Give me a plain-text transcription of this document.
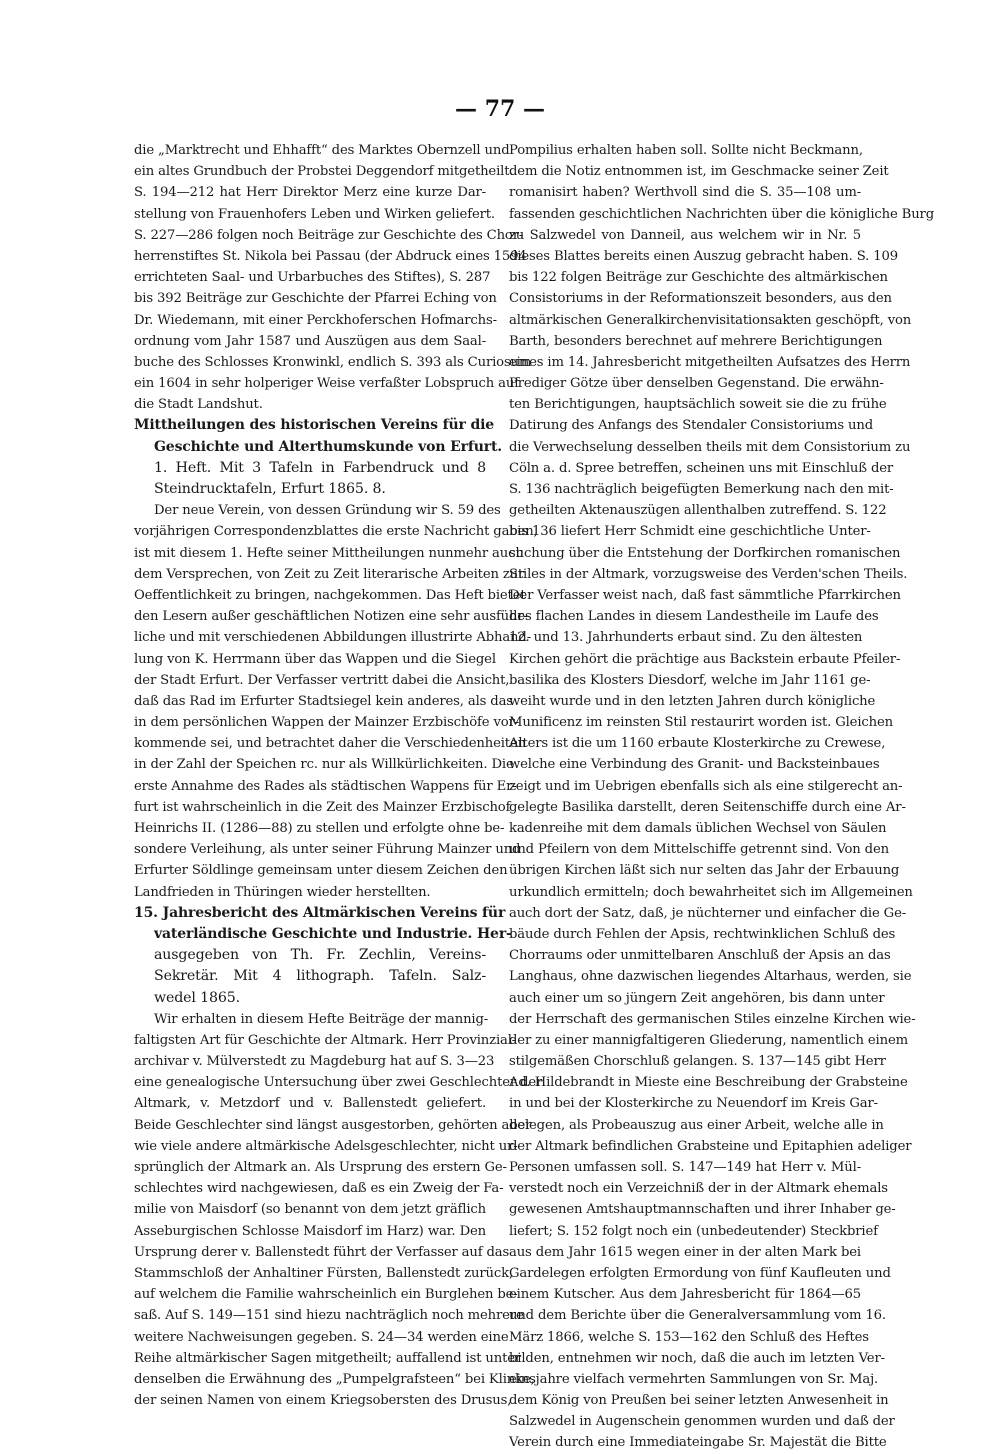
— 77 —
die „Marktrecht und Ehhafft“ des Marktes Obernzell und
ein altes Grundbuch der Probstei Deggendorf mitgetheilt.
S. 194—212 hat Herr Direktor Merz eine kurze Dar-
stellung von Frauenhofers Leben und Wirken geliefert.
S. 227—286 folgen noch Beiträge zur Geschichte des Chor-
herrenstiftes St. Nikola bei Passau (der Abdruck eines 1594
errichteten Saal- und Urbarbuches des Stiftes), S. 287
bis 392 Beiträge zur Geschichte der Pfarrei Eching von
Dr. Wiedemann, mit einer Perckhoferschen Hofmarchs-
ordnung vom Jahr 1587 und Auszügen aus dem Saal-
buche des Schlosses Kronwinkl, endlich S. 393 als Curiosum
ein 1604 in sehr holperiger Weise verfaßter Lobspruch auf
die Stadt Landshut.
Mittheilungen des historischen Vereins für die
Geschichte und Alterthumskunde von Erfurt.
1. Heft. Mit 3 Tafeln in Farbendruck und 8
Steindrucktafeln, Erfurt 1865. 8.
Der neue Verein, von dessen Gründung wir S. 59 des
vorjährigen Correspondenzblattes die erste Nachricht gaben,
ist mit diesem 1. Hefte seiner Mittheilungen nunmehr auch
dem Versprechen, von Zeit zu Zeit literarische Arbeiten zur
Oeffentlichkeit zu bringen, nachgekommen. Das Heft bietet
den Lesern außer geschäftlichen Notizen eine sehr ausführ-
liche und mit verschiedenen Abbildungen illustrirte Abhand-
lung von K. Herrmann über das Wappen und die Siegel
der Stadt Erfurt. Der Verfasser vertritt dabei die Ansicht,
daß das Rad im Erfurter Stadtsiegel kein anderes, als das
in dem persönlichen Wappen der Mainzer Erzbischöfe vor-
kommende sei, und betrachtet daher die Verschiedenheiten
in der Zahl der Speichen rc. nur als Willkürlichkeiten. Die
erste Annahme des Rades als städtischen Wappens für Er-
furt ist wahrscheinlich in die Zeit des Mainzer Erzbischof
Heinrichs II. (1286—88) zu stellen und erfolgte ohne be-
sondere Verleihung, als unter seiner Führung Mainzer und
Erfurter Söldlinge gemeinsam unter diesem Zeichen den
Landfrieden in Thüringen wieder herstellten.
15. Jahresbericht des Altmärkischen Vereins für
vaterländische Geschichte und Industrie. Her-
ausgegeben von Th. Fr. Zechlin, Vereins-
Sekretär. Mit 4 lithograph. Tafeln. Salz-
wedel 1865.
Wir erhalten in diesem Hefte Beiträge der mannig-
faltigsten Art für Geschichte der Altmark. Herr Provinzial-
archivar v. Mülverstedt zu Magdeburg hat auf S. 3—23
eine genealogische Untersuchung über zwei Geschlechter der
Altmark, v. Metzdorf und v. Ballenstedt geliefert.
Beide Geschlechter sind längst ausgestorben, gehörten aber
wie viele andere altmärkische Adelsgeschlechter, nicht ur-
sprünglich der Altmark an. Als Ursprung des erstern Ge-
schlechtes wird nachgewiesen, daß es ein Zweig der Fa-
milie von Maisdorf (so benannt von dem jetzt gräflich
Asseburgischen Schlosse Maisdorf im Harz) war. Den
Ursprung derer v. Ballenstedt führt der Verfasser auf das
Stammschloß der Anhaltiner Fürsten, Ballenstedt zurück,
auf welchem die Familie wahrscheinlich ein Burglehen be-
saß. Auf S. 149—151 sind hiezu nachträglich noch mehrere
weitere Nachweisungen gegeben. S. 24—34 werden eine
Reihe altmärkischer Sagen mitgetheilt; auffallend ist unter
denselben die Erwähnung des „Pumpelgrafsteen“ bei Klinke,
der seinen Namen von einem Kriegsobersten des Drusus,
Pompilius erhalten haben soll. Sollte nicht Beckmann,
dem die Notiz entnommen ist, im Geschmacke seiner Zeit
romanisirt haben? Werthvoll sind die S. 35—108 um-
fassenden geschichtlichen Nachrichten über die königliche Burg
zu Salzwedel von Danneil, aus welchem wir in Nr. 5
dieses Blattes bereits einen Auszug gebracht haben. S. 109
bis 122 folgen Beiträge zur Geschichte des altmärkischen
Consistoriums in der Reformationszeit besonders, aus den
altmärkischen Generalkirchenvisitationsakten geschöpft, von
Barth, besonders berechnet auf mehrere Berichtigungen
eines im 14. Jahresbericht mitgetheilten Aufsatzes des Herrn
Prediger Götze über denselben Gegenstand. Die erwähn-
ten Berichtigungen, hauptsächlich soweit sie die zu frühe
Datirung des Anfangs des Stendaler Consistoriums und
die Verwechselung desselben theils mit dem Consistorium zu
Cöln a. d. Spree betreffen, scheinen uns mit Einschluß der
S. 136 nachträglich beigefügten Bemerkung nach den mit-
getheilten Aktenauszügen allenthalben zutreffend. S. 122
bis 136 liefert Herr Schmidt eine geschichtliche Unter-
suchung über die Entstehung der Dorfkirchen romanischen
Stiles in der Altmark, vorzugsweise des Verden'schen Theils.
Der Verfasser weist nach, daß fast sämmtliche Pfarrkirchen
des flachen Landes in diesem Landestheile im Laufe des
12. und 13. Jahrhunderts erbaut sind. Zu den ältesten
Kirchen gehört die prächtige aus Backstein erbaute Pfeiler-
basilika des Klosters Diesdorf, welche im Jahr 1161 ge-
weiht wurde und in den letzten Jahren durch königliche
Munificenz im reinsten Stil restaurirt worden ist. Gleichen
Alters ist die um 1160 erbaute Klosterkirche zu Crewese,
welche eine Verbindung des Granit- und Backsteinbaues
zeigt und im Uebrigen ebenfalls sich als eine stilgerecht an-
gelegte Basilika darstellt, deren Seitenschiffe durch eine Ar-
kadenreihe mit dem damals üblichen Wechsel von Säulen
und Pfeilern von dem Mittelschiffe getrennt sind. Von den
übrigen Kirchen läßt sich nur selten das Jahr der Erbauung
urkundlich ermitteln; doch bewahrheitet sich im Allgemeinen
auch dort der Satz, daß, je nüchterner und einfacher die Ge-
bäude durch Fehlen der Apsis, rechtwinklichen Schluß des
Chorraums oder unmittelbaren Anschluß der Apsis an das
Langhaus, ohne dazwischen liegendes Altarhaus, werden, sie
auch einer um so jüngern Zeit angehören, bis dann unter
der Herrschaft des germanischen Stiles einzelne Kirchen wie-
der zu einer mannigfaltigeren Gliederung, namentlich einem
stilgemäßen Chorschluß gelangen. S. 137—145 gibt Herr
Ad. Hildebrandt in Mieste eine Beschreibung der Grabsteine
in und bei der Klosterkirche zu Neuendorf im Kreis Gar-
delegen, als Probeauszug aus einer Arbeit, welche alle in
der Altmark befindlichen Grabsteine und Epitaphien adeliger
Personen umfassen soll. S. 147—149 hat Herr v. Mül-
verstedt noch ein Verzeichniß der in der Altmark ehemals
gewesenen Amtshauptmannschaften und ihrer Inhaber ge-
liefert; S. 152 folgt noch ein (unbedeutender) Steckbrief
aus dem Jahr 1615 wegen einer in der alten Mark bei
Gardelegen erfolgten Ermordung von fünf Kaufleuten und
einem Kutscher. Aus dem Jahresbericht für 1864—65
und dem Berichte über die Generalversammlung vom 16.
März 1866, welche S. 153—162 den Schluß des Heftes
bilden, entnehmen wir noch, daß die auch im letzten Ver-
einsjahre vielfach vermehrten Sammlungen von Sr. Maj.
dem König von Preußen bei seiner letzten Anwesenheit in
Salzwedel in Augenschein genommen wurden und daß der
Verein durch eine Immediateingabe Sr. Majestät die Bitte
